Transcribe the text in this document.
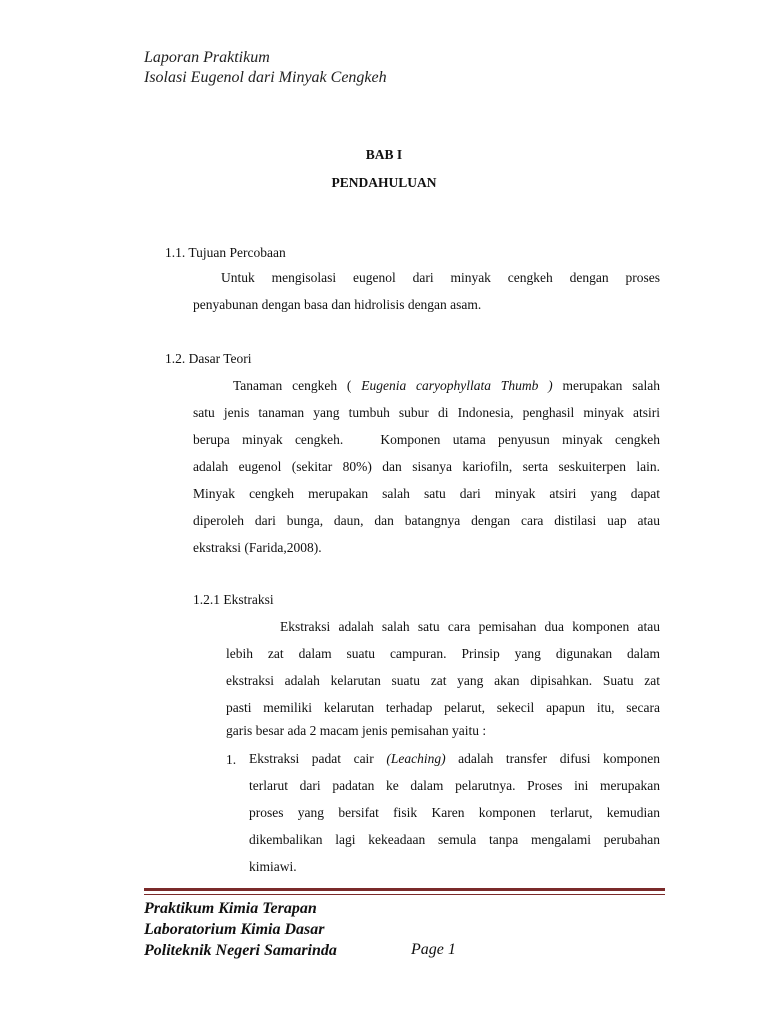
Laporan Praktikum
Isolasi Eugenol dari Minyak Cengkeh
BAB I
PENDAHULUAN
1.1. Tujuan Percobaan
Untuk mengisolasi eugenol dari minyak cengkeh dengan proses
penyabunan dengan basa dan hidrolisis dengan asam.
1.2. Dasar Teori
Tanaman cengkeh ( Eugenia caryophyllata Thumb ) merupakan salah
satu jenis tanaman yang tumbuh subur di Indonesia, penghasil minyak atsiri
berupa minyak cengkeh.   Komponen utama penyusun minyak cengkeh
adalah eugenol (sekitar 80%) dan sisanya kariofiln, serta seskuiterpen lain.
Minyak cengkeh merupakan salah satu dari minyak atsiri yang dapat
diperoleh dari bunga, daun, dan batangnya dengan cara distilasi uap atau
ekstraksi (Farida,2008).
1.2.1 Ekstraksi
Ekstraksi adalah salah satu cara pemisahan dua komponen atau
lebih zat dalam suatu campuran. Prinsip yang digunakan dalam
ekstraksi adalah kelarutan suatu zat yang akan dipisahkan. Suatu zat
pasti memiliki kelarutan terhadap pelarut, sekecil apapun itu, secara
garis besar ada 2 macam jenis pemisahan yaitu :
1. Ekstraksi padat cair (Leaching) adalah transfer difusi komponen
terlarut dari padatan ke dalam pelarutnya. Proses ini merupakan
proses yang bersifat fisik Karen komponen terlarut, kemudian
dikembalikan lagi kekeadaan semula tanpa mengalami perubahan
kimiawi.
Praktikum Kimia Terapan
Laboratorium Kimia Dasar
Politeknik Negeri Samarinda	Page 1
